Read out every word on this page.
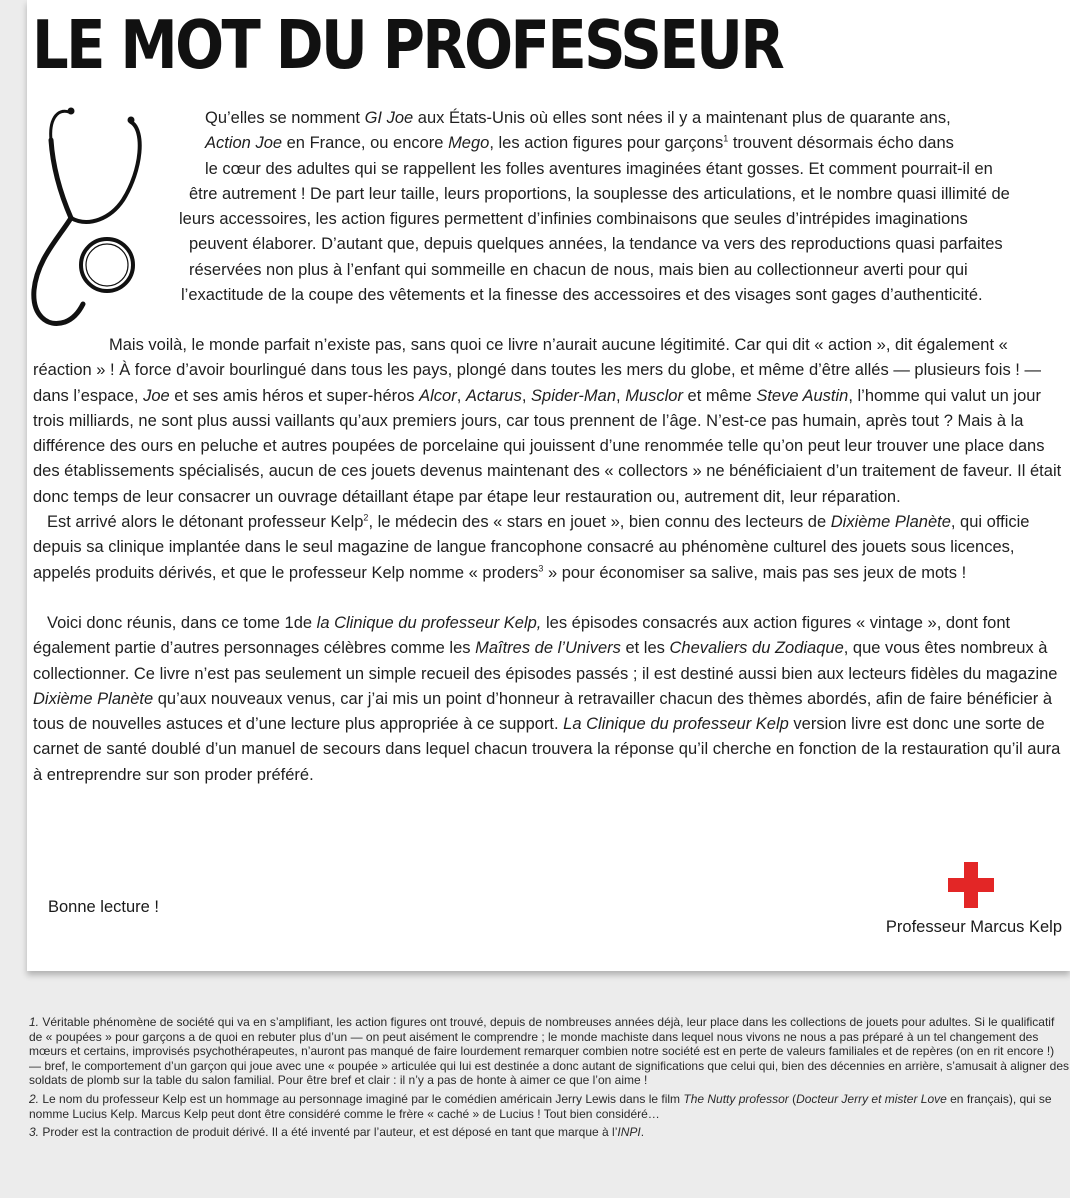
LE MOT DU PROFESSEUR
Qu’elles se nomment GI Joe aux États-Unis où elles sont nées il y a maintenant plus de quarante ans,
Action Joe en France, ou encore Mego, les action figures pour garçons$^1$ trouvent désormais écho dans
le cœur des adultes qui se rappellent les folles aventures imaginées étant gosses. Et comment pourrait-il en
être autrement ! De part leur taille, leurs proportions, la souplesse des articulations, et le nombre quasi illimité de
leurs accessoires, les action figures permettent d’infinies combinaisons que seules d’intrépides imaginations
peuvent élaborer. D’autant que, depuis quelques années, la tendance va vers des reproductions quasi parfaites
réservées non plus à l’enfant qui sommeille en chacun de nous, mais bien au collectionneur averti pour qui
l’exactitude de la coupe des vêtements et la finesse des accessoires et des visages sont gages d’authenticité.

Mais voilà, le monde parfait n’existe pas, sans quoi ce livre n’aurait aucune légitimité. Car qui dit « action », dit également « réaction » ! À force d’avoir bourlingué dans tous les pays, plongé dans toutes les mers du globe, et même d’être allés — plusieurs fois ! — dans l’espace, Joe et ses amis héros et super-héros Alcor, Actarus, Spider-Man, Musclor et même Steve Austin, l’homme qui valut un jour trois milliards, ne sont plus aussi vaillants qu’aux premiers jours, car tous prennent de l’âge. N’est-ce pas humain, après tout ? Mais à la différence des ours en peluche et autres poupées de porcelaine qui jouissent d’une renommée telle qu’on peut leur trouver une place dans des établissements spécialisés, aucun de ces jouets devenus maintenant des « collectors » ne bénéficiaient d’un traitement de faveur. Il était donc temps de leur consacrer un ouvrage détaillant étape par étape leur restauration ou, autrement dit, leur réparation.

Est arrivé alors le détonant professeur Kelp$^2$, le médecin des « stars en jouet », bien connu des lecteurs de Dixième Planète, qui officie depuis sa clinique implantée dans le seul magazine de langue francophone consacré au phénomène culturel des jouets sous licences, appelés produits dérivés, et que le professeur Kelp nomme « proders$^3$ » pour économiser sa salive, mais pas ses jeux de mots !

Voici donc réunis, dans ce tome 1de la Clinique du professeur Kelp, les épisodes consacrés aux action figures « vintage », dont font également partie d’autres personnages célèbres comme les Maîtres de l’Univers et les Chevaliers du Zodiaque, que vous êtes nombreux à collectionner. Ce livre n’est pas seulement un simple recueil des épisodes passés ; il est destiné aussi bien aux lecteurs fidèles du magazine Dixième Planète qu’aux nouveaux venus, car j’ai mis un point d’honneur à retravailler chacun des thèmes abordés, afin de faire bénéficier à tous de nouvelles astuces et d’une lecture plus appropriée à ce support. La Clinique du professeur Kelp version livre est donc une sorte de carnet de santé doublé d’un manuel de secours dans lequel chacun trouvera la réponse qu’il cherche en fonction de la restauration qu’il aura à entreprendre sur son proder préféré.

Bonne lecture !
Professeur Marcus Kelp

1. Véritable phénomène de société qui va en s’amplifiant, les action figures ont trouvé, depuis de nombreuses années déjà, leur place dans les collections de jouets pour adultes. Si le qualificatif de « poupées » pour garçons a de quoi en rebuter plus d’un — on peut aisément le comprendre ; le monde machiste dans lequel nous vivons ne nous a pas préparé à un tel changement des mœurs et certains, improvisés psychothérapeutes, n’auront pas manqué de faire lourdement remarquer combien notre société est en perte de valeurs familiales et de repères (on en rit encore !) — bref, le comportement d’un garçon qui joue avec une « poupée » articulée qui lui est destinée a donc autant de significations que celui qui, bien des décennies en arrière, s’amusait à aligner des soldats de plomb sur la table du salon familial. Pour être bref et clair : il n’y a pas de honte à aimer ce que l’on aime !

2. Le nom du professeur Kelp est un hommage au personnage imaginé par le comédien américain Jerry Lewis dans le film The Nutty professor (Docteur Jerry et mister Love en français), qui se nomme Lucius Kelp. Marcus Kelp peut dont être considéré comme le frère « caché » de Lucius ! Tout bien considéré…

3. Proder est la contraction de produit dérivé. Il a été inventé par l’auteur, et est déposé en tant que marque à l’INPI.
